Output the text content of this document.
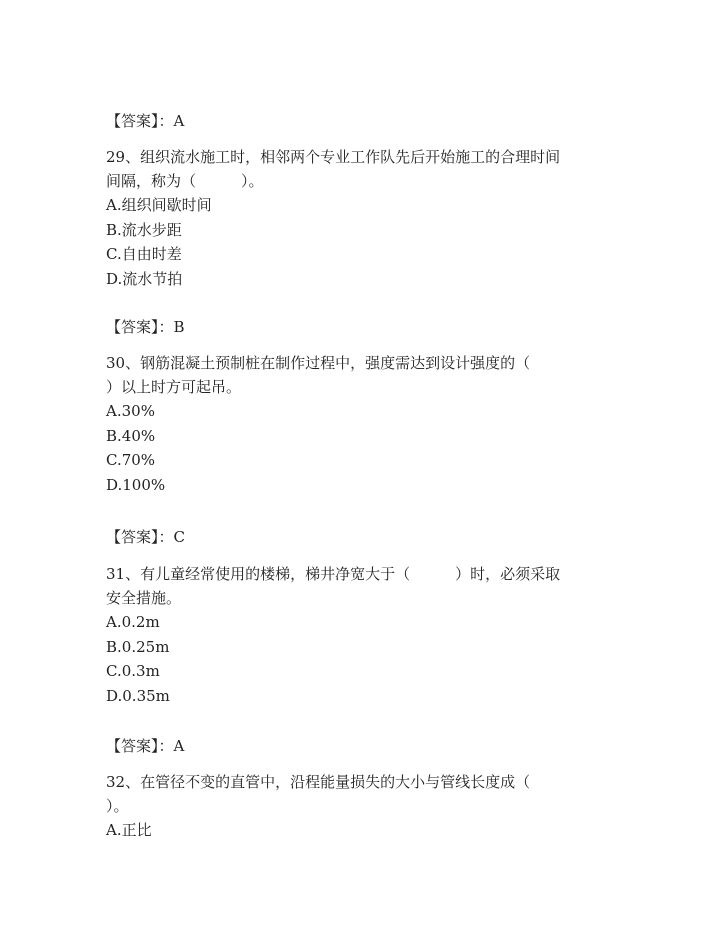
【答案】：A
29、组织流水施工时，相邻两个专业工作队先后开始施工的合理时间
间隔，称为（　　　）。
A.组织间歇时间
B.流水步距
C.自由时差
D.流水节拍
【答案】：B
30、钢筋混凝土预制桩在制作过程中，强度需达到设计强度的（
）以上时方可起吊。
A.30%
B.40%
C.70%
D.100%
【答案】：C
31、有儿童经常使用的楼梯，梯井净宽大于（　　　）时，必须采取
安全措施。
A.0.2m
B.0.25m
C.0.3m
D.0.35m
【答案】：A
32、在管径不变的直管中，沿程能量损失的大小与管线长度成（
）。
A.正比
